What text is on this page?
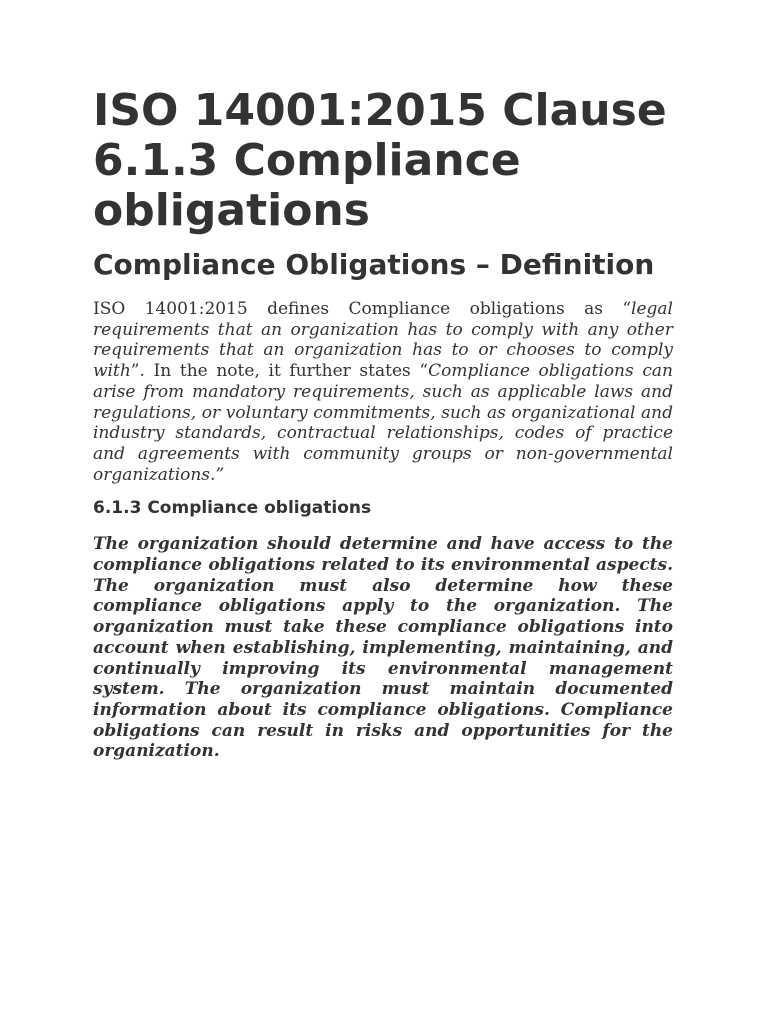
ISO 14001:2015 Clause 6.1.3 Compliance obligations
Compliance Obligations – Definition

ISO 14001:2015 defines Compliance obligations as “legal requirements that an organization has to comply with any other requirements that an organization has to or chooses to comply with”. In the note, it further states “Compliance obligations can arise from mandatory requirements, such as applicable laws and regulations, or voluntary commitments, such as organizational and industry standards, contractual relationships, codes of practice and agreements with community groups or non-governmental organizations.”

6.1.3 Compliance obligations

The organization should determine and have access to the compliance obligations related to its environmental aspects. The organization must also determine how these compliance obligations apply to the organization. The organization must take these compliance obligations into account when establishing, implementing, maintaining, and continually improving its environmental management system. The organization must maintain documented information about its compliance obligations. Compliance obligations can result in risks and opportunities for the organization.
